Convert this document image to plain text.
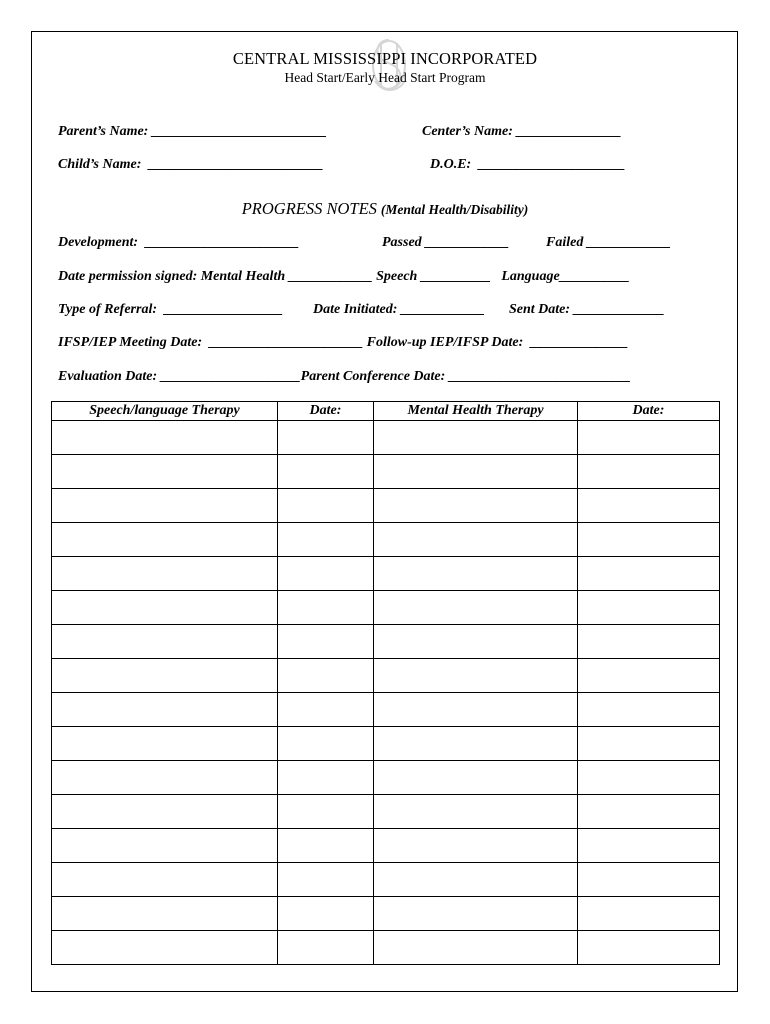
CENTRAL MISSISSIPPI INCORPORATED
Head Start/Early Head Start Program
Parent’s Name: _________________________	Center’s Name: _______________
Child’s Name:  _________________________	D.O.E:  _____________________
PROGRESS NOTES (Mental Health/Disability)
Development:  ______________________	Passed ____________	Failed ____________
Date permission signed: Mental Health ____________ Speech __________   Language__________
Type of Referral:  _________________ Date Initiated: ____________ Sent Date: _____________
IFSP/IEP Meeting Date:  ______________________ Follow-up IEP/IFSP Date:  ______________
Evaluation Date: ____________________Parent Conference Date: __________________________
Speech/language Therapy	Date:	Mental Health Therapy	Date:
